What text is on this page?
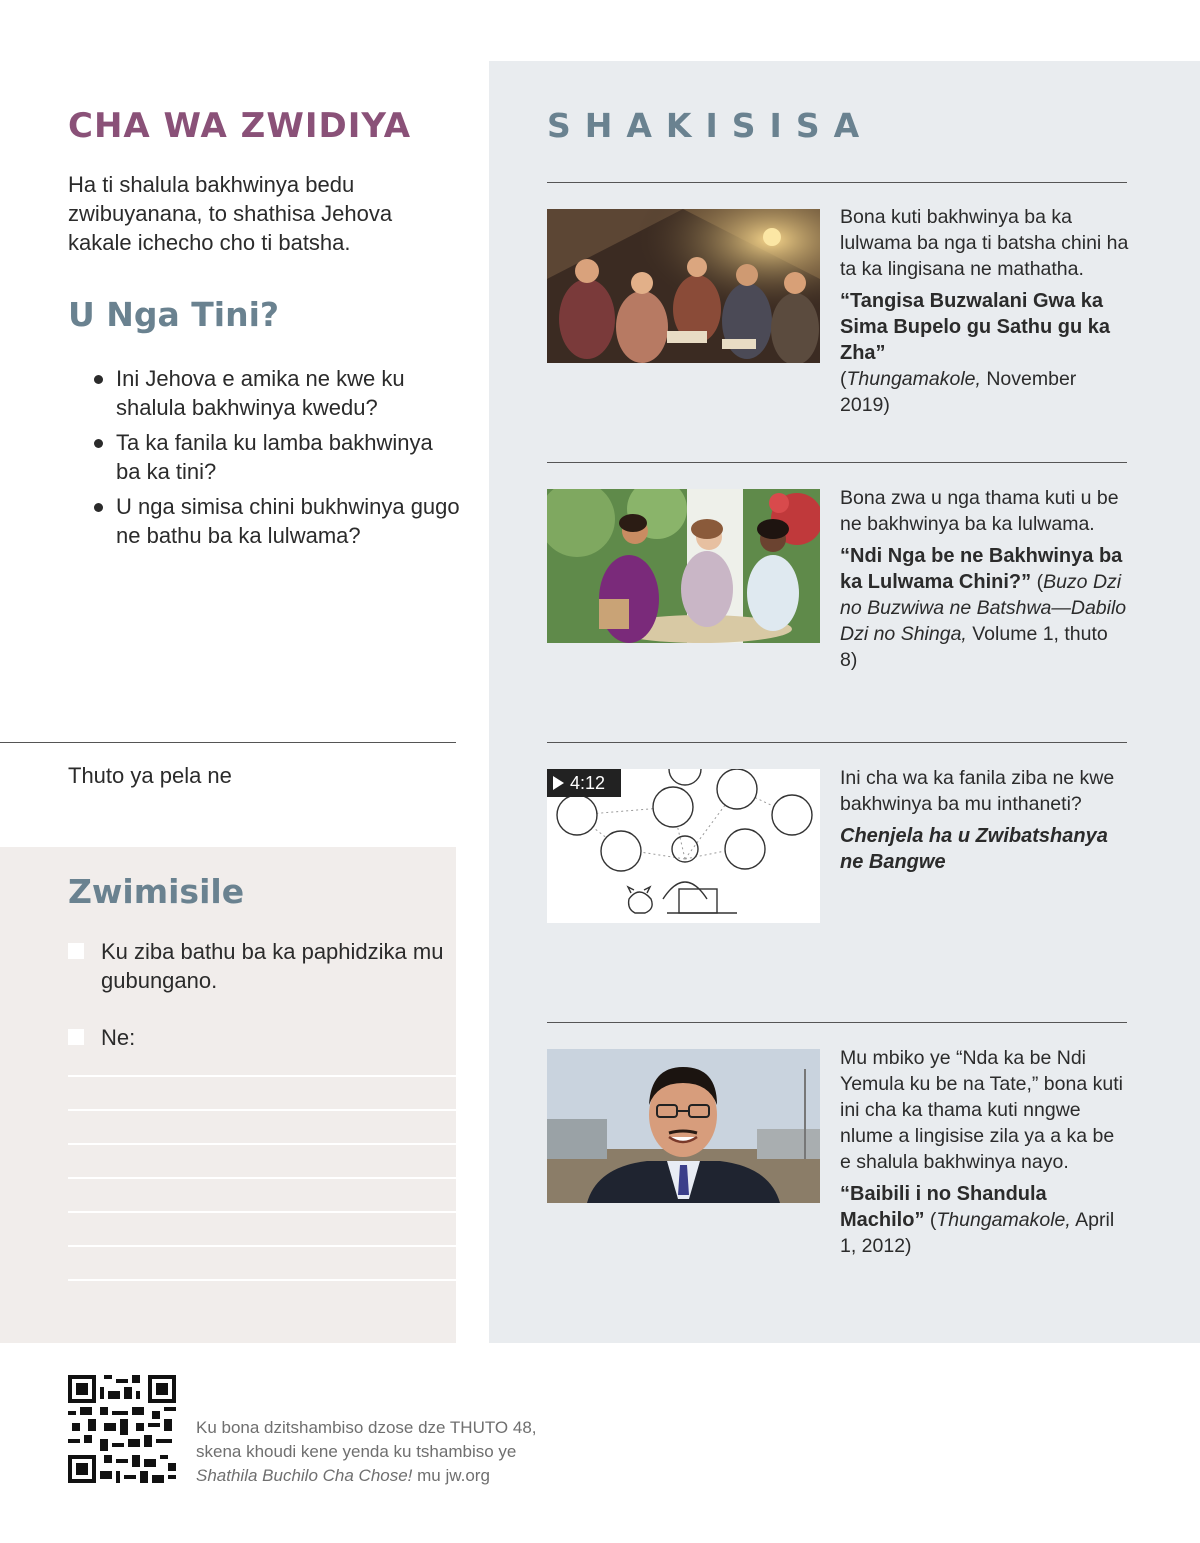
CHA WA ZWIDIYA

Ha ti shalula bakhwinya bedu zwibuyanana, to shathisa Jehova kakale ichecho cho ti batsha.

U Nga Tini?
Ini Jehova e amika ne kwe ku shalula bakhwinya kwedu?
Ta ka fanila ku lamba bakhwinya ba ka tini?
U nga simisa chini bukhwinya gugo ne bathu ba ka lulwama?
Thuto ya pela ne
Zwimisile
Ku ziba bathu ba ka paphidzika mu gubungano.
Ne:
SHAKISISA
Bona kuti bakhwinya ba ka lulwama ba nga ti batsha chini ha ta ka lingisana ne mathatha.
“Tangisa Buzwalani Gwa ka Sima Bupelo gu Sathu gu ka Zha”
(Thungamakole, November 2019)
Bona zwa u nga thama kuti u be ne bakhwinya ba ka lulwama.
“Ndi Nga be ne Bakhwinya ba ka Lulwama Chini?” (Buzo Dzi no Buzwiwa ne Batshwa—Dabilo Dzi no Shinga, Volume 1, thuto 8)
4:12	Ini cha wa ka fanila ziba ne kwe bakhwinya ba mu inthaneti?
Chenjela ha u Zwibatshanya ne Bangwe
Mu mbiko ye “Nda ka be Ndi Yemula ku be na Tate,” bona kuti ini cha ka thama kuti nngwe nlume a lingisise zila ya a ka be e shalula bakhwinya nayo.
“Baibili i no Shandula Machilo” (Thungamakole, April 1, 2012)
Ku bona dzitshambiso dzose dze THUTO 48,
skena khoudi kene yenda ku tshambiso ye
Shathila Buchilo Cha Chose! mu jw.org
